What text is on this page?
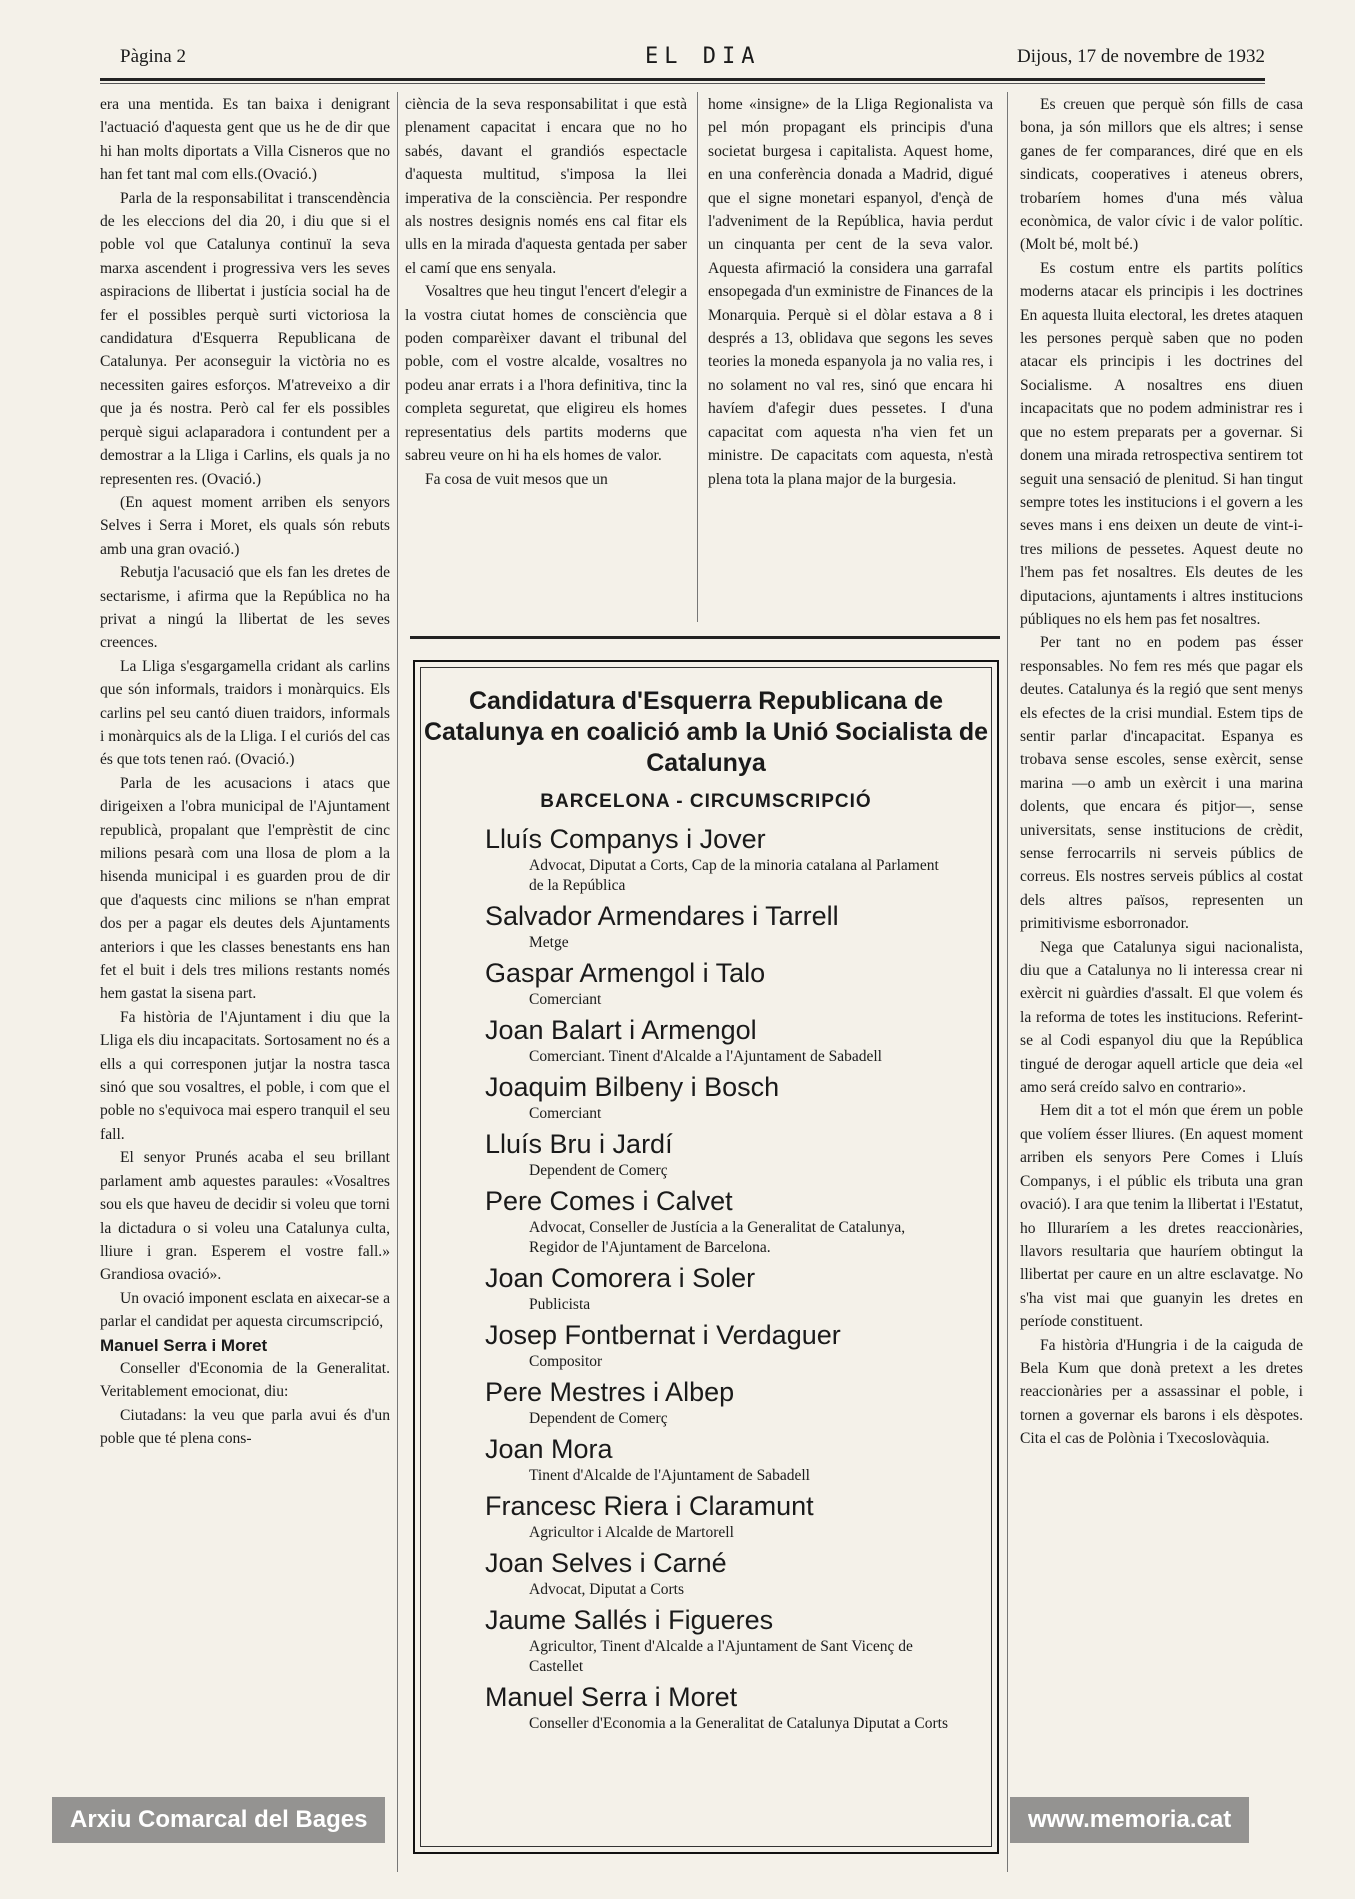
Pàgina 2	EL DIA	Dijous, 17 de novembre de 1932

era una mentida. Es tan baixa i denigrant l'actuació d'aquesta gent que us he de dir que hi han molts diportats a Villa Cisneros que no han fet tant mal com ells.(Ovació.)

Parla de la responsabilitat i transcendència de les eleccions del dia 20, i diu que si el poble vol que Catalunya continuï la seva marxa ascendent i progressiva vers les seves aspiracions de llibertat i justícia social ha de fer el possibles perquè surti victoriosa la candidatura d'Esquerra Republicana de Catalunya. Per aconseguir la victòria no es necessiten gaires esforços. M'atreveixo a dir que ja és nostra. Però cal fer els possibles perquè sigui aclaparadora i contundent per a demostrar a la Lliga i Carlins, els quals ja no representen res. (Ovació.)

(En aquest moment arriben els senyors Selves i Serra i Moret, els quals són rebuts amb una gran ovació.)

Rebutja l'acusació que els fan les dretes de sectarisme, i afirma que la República no ha privat a ningú la llibertat de les seves creences.

La Lliga s'esgargamella cridant als carlins que són informals, traidors i monàrquics. Els carlins pel seu cantó diuen traidors, informals i monàrquics als de la Lliga. I el curiós del cas és que tots tenen raó. (Ovació.)

Parla de les acusacions i atacs que dirigeixen a l'obra municipal de l'Ajuntament republicà, propalant que l'emprèstit de cinc milions pesarà com una llosa de plom a la hisenda municipal i es guarden prou de dir que d'aquests cinc milions se n'han emprat dos per a pagar els deutes dels Ajuntaments anteriors i que les classes benestants ens han fet el buit i dels tres milions restants només hem gastat la sisena part.

Fa història de l'Ajuntament i diu que la Lliga els diu incapacitats. Sortosament no és a ells a qui corresponen jutjar la nostra tasca sinó que sou vosaltres, el poble, i com que el poble no s'equivoca mai espero tranquil el seu fall.

El senyor Prunés acaba el seu brillant parlament amb aquestes paraules: «Vosaltres sou els que haveu de decidir si voleu que torni la dictadura o si voleu una Catalunya culta, lliure i gran. Esperem el vostre fall.» Grandiosa ovació».

Un ovació imponent esclata en aixecar-se a parlar el candidat per aquesta circumscripció,

Manuel Serra i Moret

Conseller d'Economia de la Generalitat. Veritablement emocionat, diu:

Ciutadans: la veu que parla avui és d'un poble que té plena cons-

ciència de la seva responsabilitat i que està plenament capacitat i encara que no ho sabés, davant el grandiós espectacle d'aquesta multitud, s'imposa la llei imperativa de la consciència. Per respondre als nostres designis només ens cal fitar els ulls en la mirada d'aquesta gentada per saber el camí que ens senyala.

Vosaltres que heu tingut l'encert d'elegir a la vostra ciutat homes de consciència que poden comparèixer davant el tribunal del poble, com el vostre alcalde, vosaltres no podeu anar errats i a l'hora definitiva, tinc la completa seguretat, que eligireu els homes representatius dels partits moderns que sabreu veure on hi ha els homes de valor.

Fa cosa de vuit mesos que un

home «insigne» de la Lliga Regionalista va pel món propagant els principis d'una societat burgesa i capitalista. Aquest home, en una conferència donada a Madrid, digué que el signe monetari espanyol, d'ençà de l'adveniment de la República, havia perdut un cinquanta per cent de la seva valor. Aquesta afirmació la considera una garrafal ensopegada d'un exministre de Finances de la Monarquia. Perquè si el dòlar estava a 8 i després a 13, oblidava que segons les seves teories la moneda espanyola ja no valia res, i no solament no val res, sinó que encara hi havíem d'afegir dues pessetes. I d'una capacitat com aquesta n'ha vien fet un ministre. De capacitats com aquesta, n'està plena tota la plana major de la burgesia.

Es creuen que perquè són fills de casa bona, ja són millors que els altres; i sense ganes de fer comparances, diré que en els sindicats, cooperatives i ateneus obrers, trobaríem homes d'una més vàlua econòmica, de valor cívic i de valor polític. (Molt bé, molt bé.)

Es costum entre els partits polítics moderns atacar els principis i les doctrines En aquesta lluita electoral, les dretes ataquen les persones perquè saben que no poden atacar els principis i les doctrines del Socialisme. A nosaltres ens diuen incapacitats que no podem administrar res i que no estem preparats per a governar. Si donem una mirada retrospectiva sentirem tot seguit una sensació de plenitud. Si han tingut sempre totes les institucions i el govern a les seves mans i ens deixen un deute de vint-i-tres milions de pessetes. Aquest deute no l'hem pas fet nosaltres. Els deutes de les diputacions, ajuntaments i altres institucions públiques no els hem pas fet nosaltres.

Per tant no en podem pas ésser responsables. No fem res més que pagar els deutes. Catalunya és la regió que sent menys els efectes de la crisi mundial. Estem tips de sentir parlar d'incapacitat. Espanya es trobava sense escoles, sense exèrcit, sense marina —o amb un exèrcit i una marina dolents, que encara és pitjor—, sense universitats, sense institucions de crèdit, sense ferrocarrils ni serveis públics de correus. Els nostres serveis públics al costat dels altres països, representen un primitivisme esborronador.

Nega que Catalunya sigui nacionalista, diu que a Catalunya no li interessa crear ni exèrcit ni guàrdies d'assalt. El que volem és la reforma de totes les institucions. Referint-se al Codi espanyol diu que la República tingué de derogar aquell article que deia «el amo será creído salvo en contrario».

Hem dit a tot el món que érem un poble que volíem ésser lliures. (En aquest moment arriben els senyors Pere Comes i Lluís Companys, i el públic els tributa una gran ovació). I ara que tenim la llibertat i l'Estatut, ho Illuraríem a les dretes reaccionàries, llavors resultaria que hauríem obtingut la llibertat per caure en un altre esclavatge. No s'ha vist mai que guanyin les dretes en període constituent.

Fa història d'Hungria i de la caiguda de Bela Kum que donà pretext a les dretes reaccionàries per a assassinar el poble, i tornen a governar els barons i els dèspotes. Cita el cas de Polònia i Txecoslovàquia.

Candidatura d'Esquerra Republicana de Catalunya en coalició amb la Unió Socialista de Catalunya
BARCELONA - CIRCUMSCRIPCIÓ
Lluís Companys i Jover
Advocat, Diputat a Corts, Cap de la minoria catalana al Parlament de la República
Salvador Armendares i Tarrell
Metge
Gaspar Armengol i Talo
Comerciant
Joan Balart i Armengol
Comerciant. Tinent d'Alcalde a l'Ajuntament de Sabadell
Joaquim Bilbeny i Bosch
Comerciant
Lluís Bru i Jardí
Dependent de Comerç
Pere Comes i Calvet
Advocat, Conseller de Justícia a la Generalitat de Catalunya, Regidor de l'Ajuntament de Barcelona.
Joan Comorera i Soler
Publicista
Josep Fontbernat i Verdaguer
Compositor
Pere Mestres i Albep
Dependent de Comerç
Joan Mora
Tinent d'Alcalde de l'Ajuntament de Sabadell
Francesc Riera i Claramunt
Agricultor i Alcalde de Martorell
Joan Selves i Carné
Advocat, Diputat a Corts
Jaume Sallés i Figueres
Agricultor, Tinent d'Alcalde a l'Ajuntament de Sant Vicenç de Castellet
Manuel Serra i Moret
Conseller d'Economia a la Generalitat de Catalunya Diputat a Corts
Arxiu Comarcal del Bages	www.memoria.cat
